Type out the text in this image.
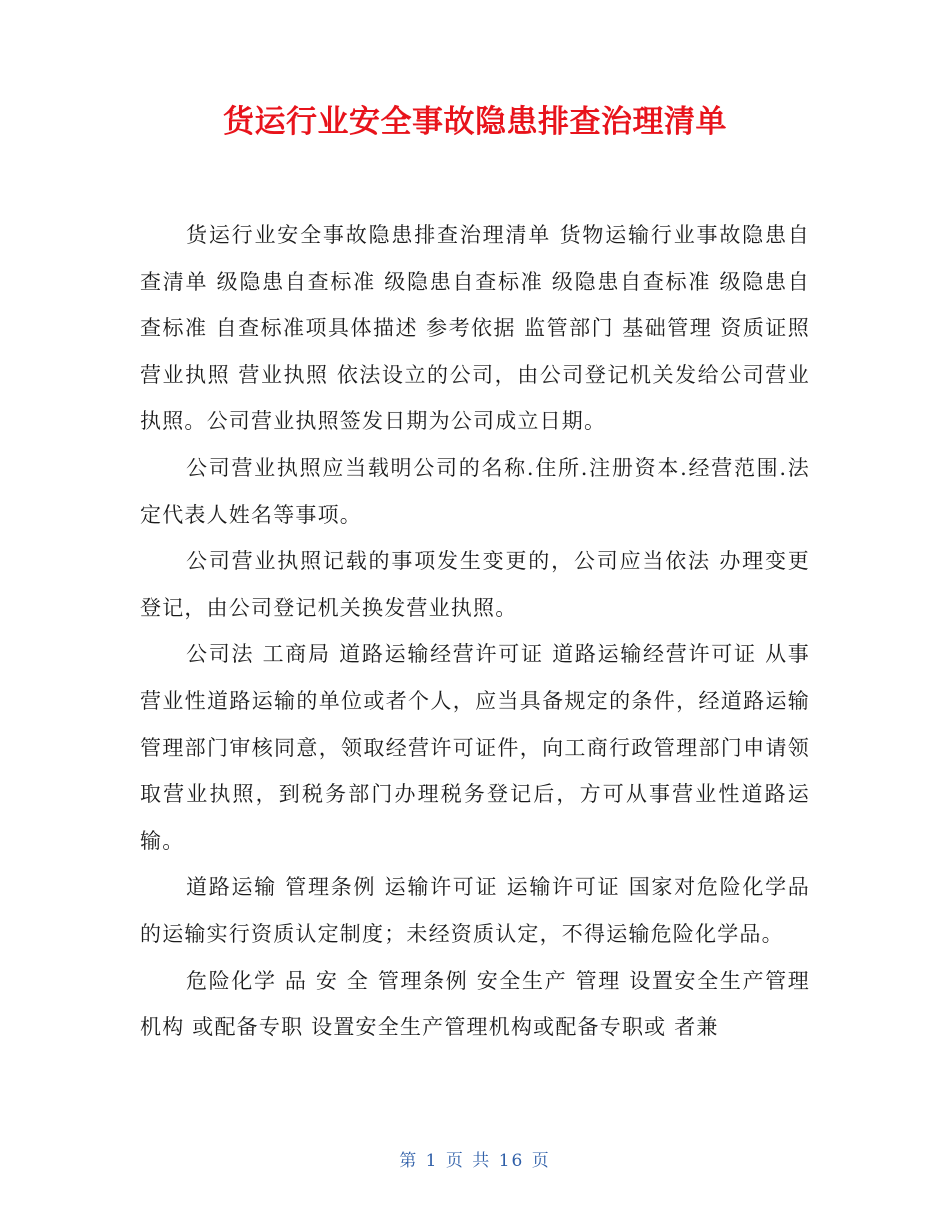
货运行业安全事故隐患排查治理清单

货运行业安全事故隐患排查治理清单 货物运输行业事故隐患自查清单 级隐患自查标准 级隐患自查标准 级隐患自查标准 级隐患自查标准 自查标准项具体描述 参考依据 监管部门 基础管理 资质证照 营业执照 营业执照 依法设立的公司，由公司登记机关发给公司营业执照。公司营业执照签发日期为公司成立日期。

公司营业执照应当载明公司的名称.住所.注册资本.经营范围.法定代表人姓名等事项。

公司营业执照记载的事项发生变更的，公司应当依法 办理变更登记，由公司登记机关换发营业执照。

公司法 工商局 道路运输经营许可证 道路运输经营许可证 从事营业性道路运输的单位或者个人，应当具备规定的条件，经道路运输管理部门审核同意，领取经营许可证件，向工商行政管理部门申请领取营业执照，到税务部门办理税务登记后，方可从事营业性道路运输。

道路运输 管理条例 运输许可证 运输许可证 国家对危险化学品的运输实行资质认定制度；未经资质认定，不得运输危险化学品。

危险化学 品 安 全 管理条例 安全生产 管理 设置安全生产管理机构 或配备专职 设置安全生产管理机构或配备专职或 者兼

第 1 页 共 16 页
